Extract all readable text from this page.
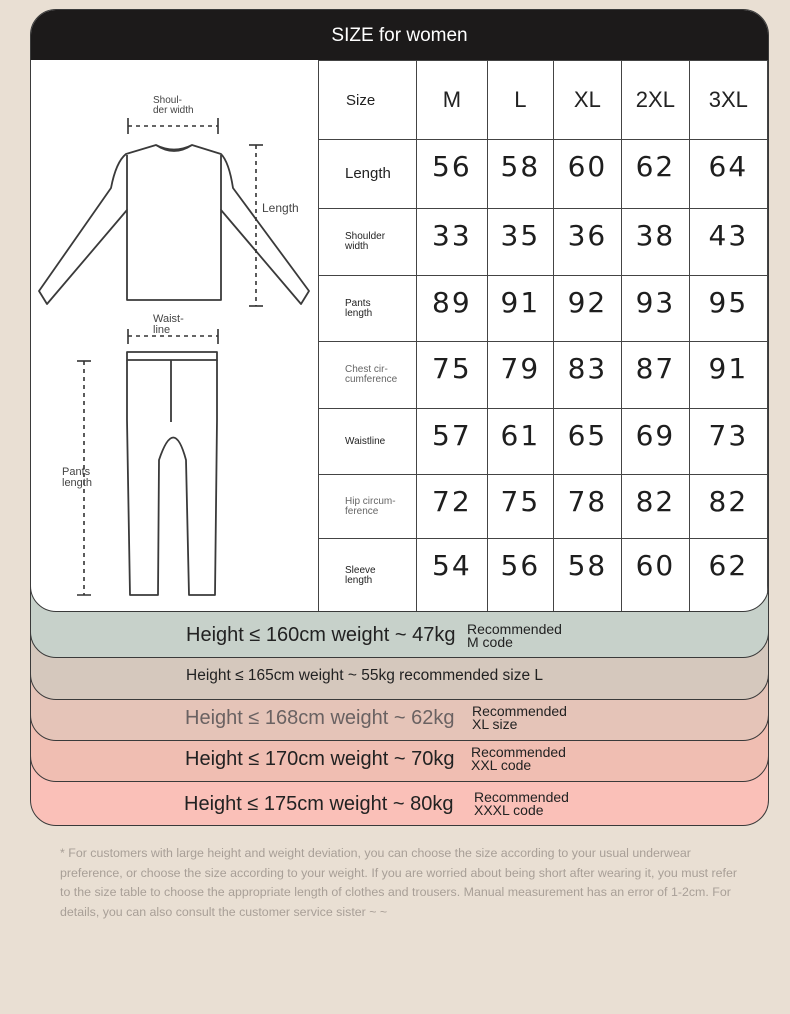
Height ≤ 175cm weight ~ 80kg Recommended
XXXL code
Height ≤ 170cm weight ~ 70kg Recommended
XXL code
Height ≤ 168cm weight ~ 62kg Recommended
XL size
Height ≤ 165cm weight ~ 55kg recommended size L
Height ≤ 160cm weight ~ 47kg Recommended
M code
SIZE for women
Shoul-
der width
Length
Waist-
line
Pants
length
Size	M	L	XL	2XL	3XL
Length	56	58	60	62	64
Shoulder
width	33	35	36	38	43
Pants
length	89	91	92	93	95
Chest cir-
cumference	75	79	83	87	91
Waistline	57	61	65	69	73
Hip circum-
ference	72	75	78	82	82
Sleeve
length	54	56	58	60	62
* For customers with large height and weight deviation, you can choose the size according to your usual underwear preference, or choose the size according to your weight. If you are worried about being short after wearing it, you must refer to the size table to choose the appropriate length of clothes and trousers. Manual measurement has an error of 1-2cm. For details, you can also consult the customer service sister ~ ~
